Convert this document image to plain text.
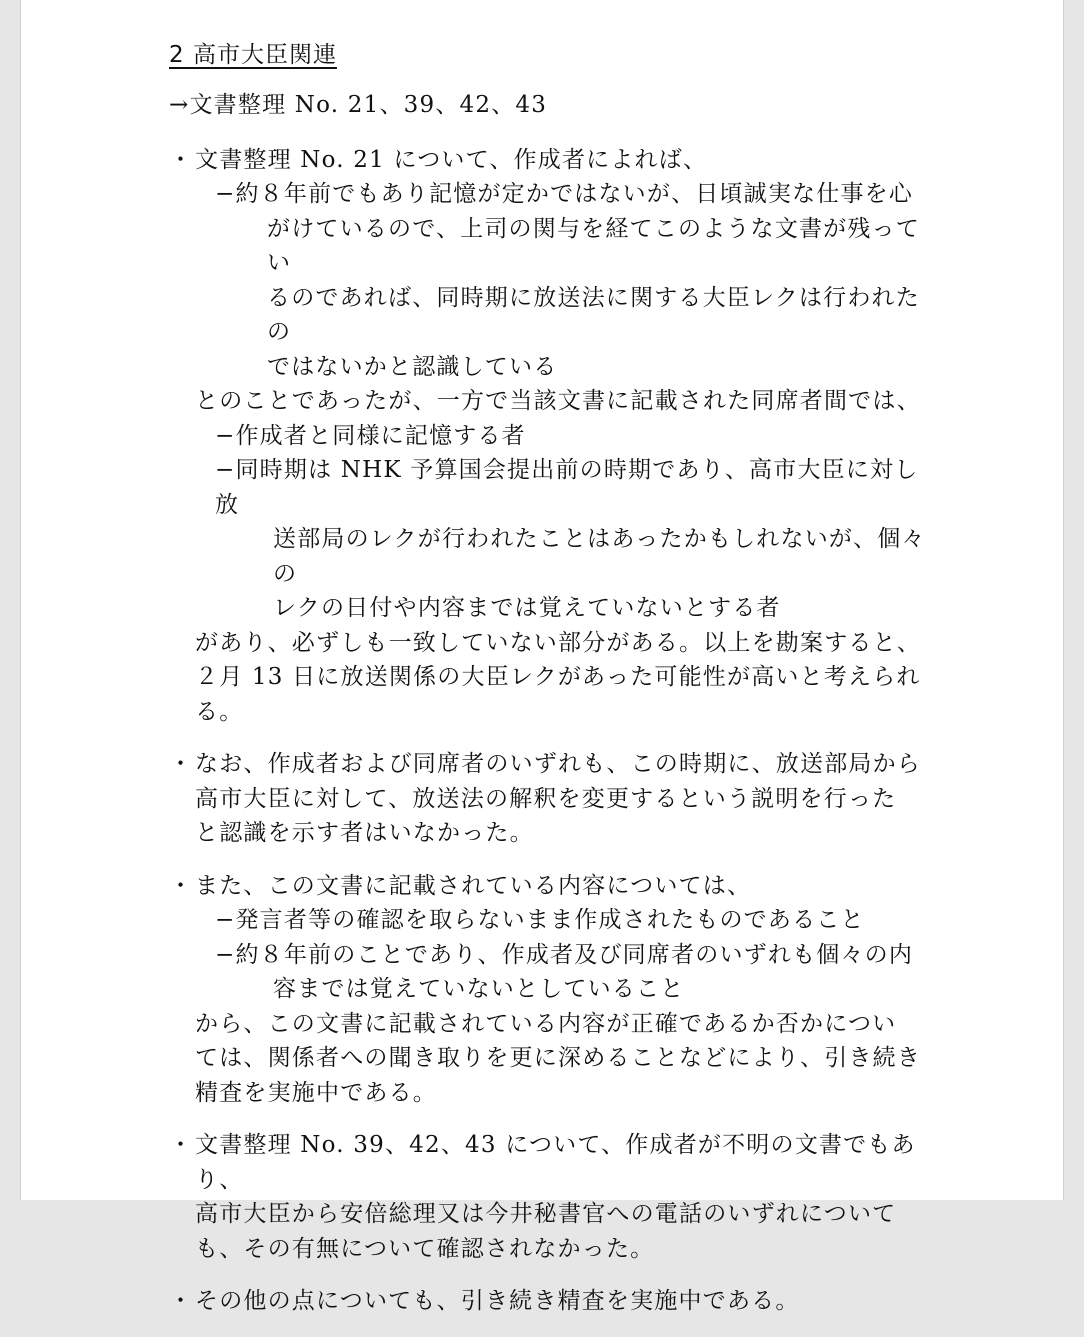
2 高市大臣関連
→文書整理 No. 21、39、42、43
・ 文書整理 No. 21 について、作成者によれば、
−約８年前でもあり記憶が定かではないが、日頃誠実な仕事を心
がけているので、上司の関与を経てこのような文書が残ってい
るのであれば、同時期に放送法に関する大臣レクは行われたの
ではないかと認識している
とのことであったが、一方で当該文書に記載された同席者間では、
−作成者と同様に記憶する者
−同時期は NHK 予算国会提出前の時期であり、高市大臣に対し放
送部局のレクが行われたことはあったかもしれないが、個々の
レクの日付や内容までは覚えていないとする者
があり、必ずしも一致していない部分がある。以上を勘案すると、
２月 13 日に放送関係の大臣レクがあった可能性が高いと考えられ
る。
・ なお、作成者および同席者のいずれも、この時期に、放送部局から
高市大臣に対して、放送法の解釈を変更するという説明を行った
と認識を示す者はいなかった。
・ また、この文書に記載されている内容については、
−発言者等の確認を取らないまま作成されたものであること
−約８年前のことであり、作成者及び同席者のいずれも個々の内
容までは覚えていないとしていること
から、この文書に記載されている内容が正確であるか否かについ
ては、関係者への聞き取りを更に深めることなどにより、引き続き
精査を実施中である。
・ 文書整理 No. 39、42、43 について、作成者が不明の文書でもあり、
高市大臣から安倍総理又は今井秘書官への電話のいずれについて
も、その有無について確認されなかった。
・ その他の点についても、引き続き精査を実施中である。
